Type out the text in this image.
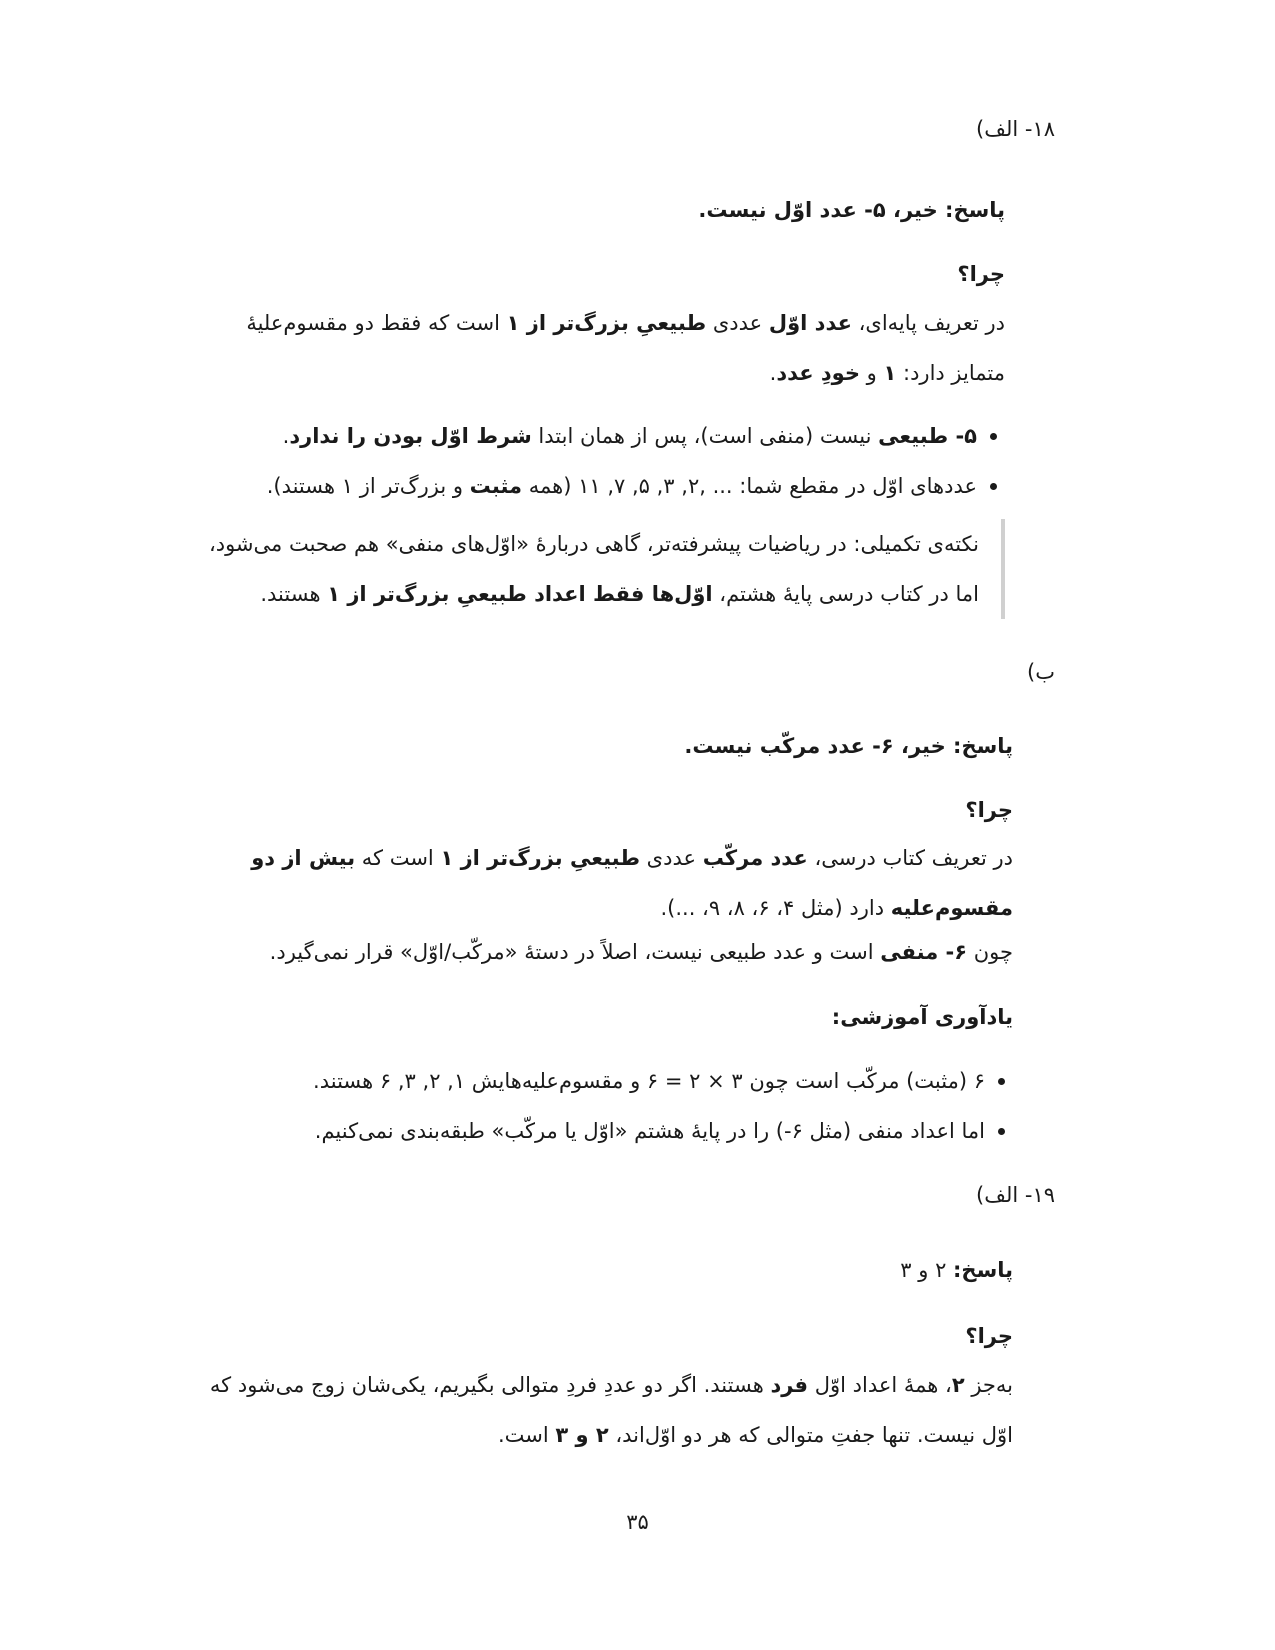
۱۸- الف)
پاسخ: خیر، ۵- عدد اوّل نیست.
چرا؟

در تعریف پایه‌ای، عدد اوّل عددی طبیعیِ بزرگ‌تر از ۱ است که فقط دو مقسوم‌علیهٔ متمایز دارد: ۱ و خودِ عدد.

۵- طبیعی نیست (منفی است)، پس از همان ابتدا شرط اوّل بودن را ندارد.
عددهای اوّل در مقطع شما: ... ,۲, ۳, ۵, ۷, ۱۱ (همه مثبت و بزرگ‌تر از ۱ هستند).
نکته‌ی تکمیلی: در ریاضیات پیشرفته‌تر، گاهی دربارهٔ «اوّل‌های منفی» هم صحبت می‌شود،
اما در کتاب درسی پایهٔ هشتم، اوّل‌ها فقط اعداد طبیعیِ بزرگ‌تر از ۱ هستند.
ب)
پاسخ: خیر، ۶- عدد مرکّب نیست.
چرا؟

در تعریف کتاب درسی، عدد مرکّب عددی طبیعیِ بزرگ‌تر از ۱ است که بیش از دو مقسوم‌علیه دارد (مثل ۴، ۶، ۸، ۹، ...).

چون ۶- منفی است و عدد طبیعی نیست، اصلاً در دستهٔ «مرکّب/اوّل» قرار نمی‌گیرد.

یادآوری آموزشی:
۶ (مثبت) مرکّب است چون ۳ × ۲ = ۶ و مقسوم‌علیه‌هایش ۱, ۲, ۳, ۶ هستند.
اما اعداد منفی (مثل ۶-) را در پایهٔ هشتم «اوّل یا مرکّب» طبقه‌بندی نمی‌کنیم.
۱۹- الف)
پاسخ: ۲ و ۳
چرا؟

به‌جز ۲، همهٔ اعداد اوّل فرد هستند. اگر دو عددِ فردِ متوالی بگیریم، یکی‌شان زوج می‌شود که اوّل نیست. تنها جفتِ متوالی که هر دو اوّل‌اند، ۲ و ۳ است.

۳۵
